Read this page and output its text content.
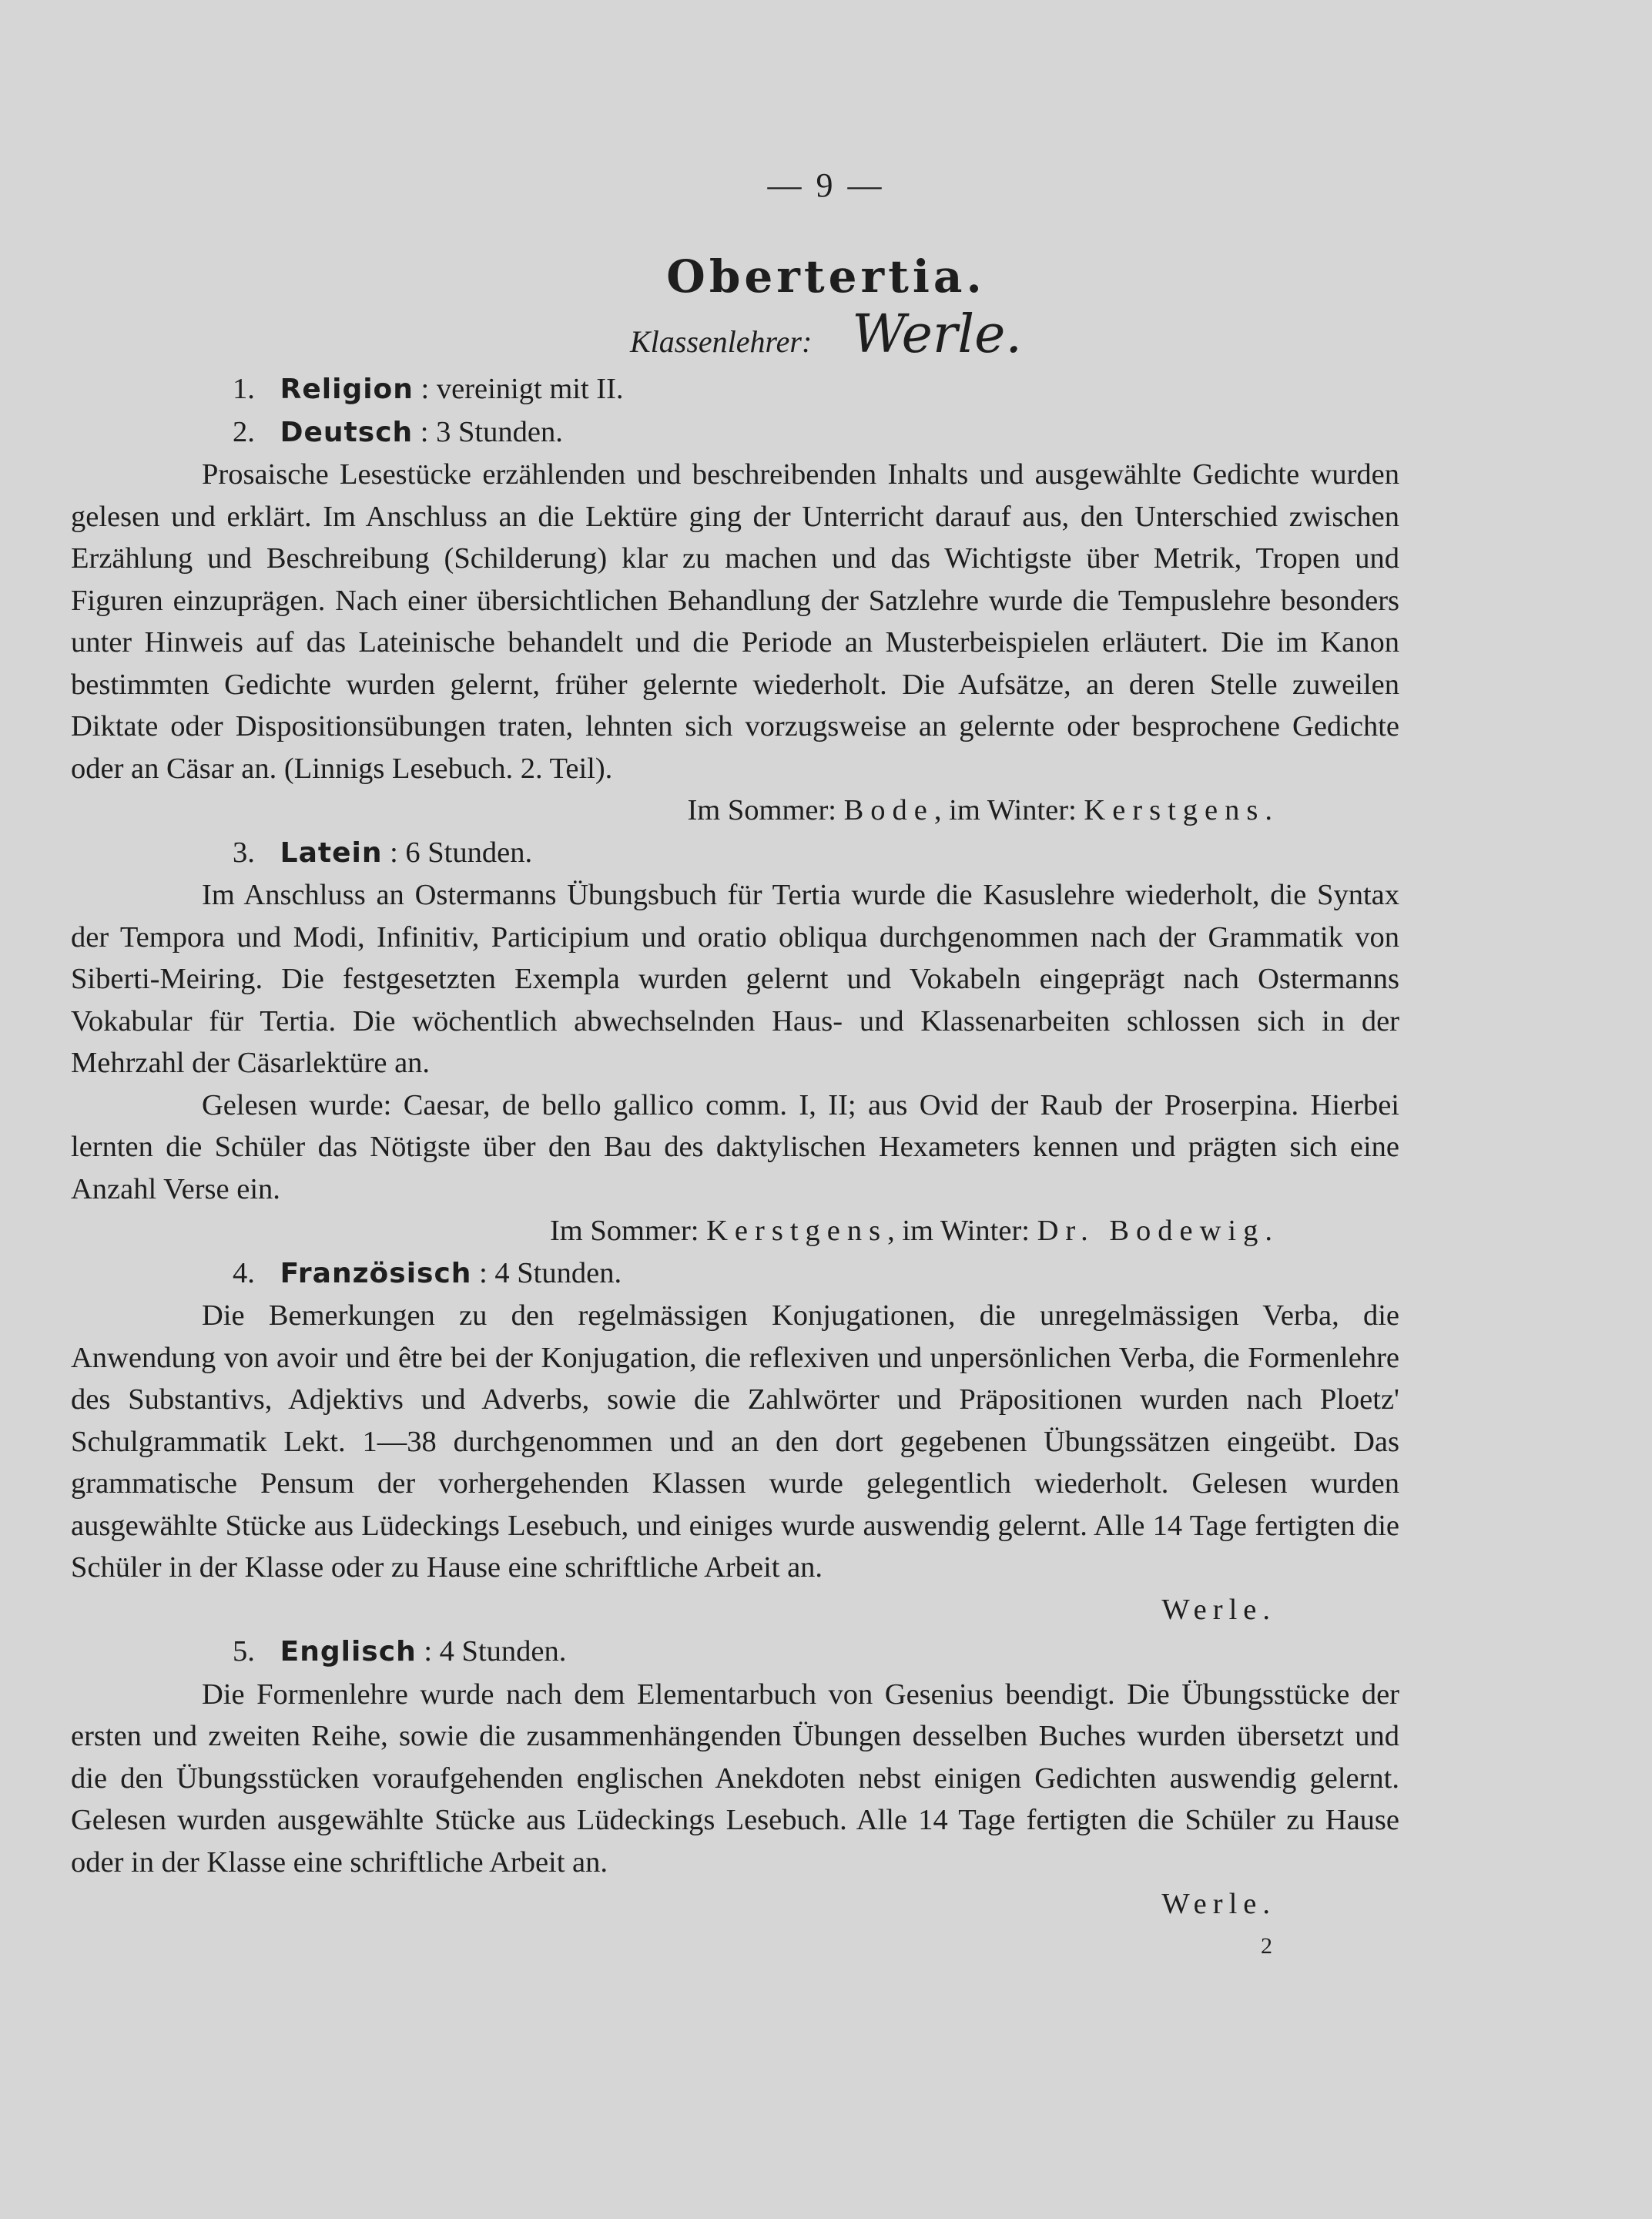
— 9 —
Obertertia.
Klassenlehrer: Werle.
1. Religion : vereinigt mit II.
2. Deutsch : 3 Stunden.
Prosaische Lesestücke erzählenden und beschreibenden Inhalts und ausgewählte Gedichte wurden gelesen und erklärt. Im Anschluss an die Lektüre ging der Unterricht darauf aus, den Unterschied zwischen Erzählung und Beschreibung (Schilderung) klar zu machen und das Wichtigste über Metrik, Tropen und Figuren einzuprägen. Nach einer übersichtlichen Behandlung der Satzlehre wurde die Tempuslehre besonders unter Hinweis auf das Lateinische behandelt und die Periode an Musterbeispielen erläutert. Die im Kanon bestimmten Gedichte wurden gelernt, früher gelernte wiederholt. Die Aufsätze, an deren Stelle zuweilen Diktate oder Dispositionsübungen traten, lehnten sich vorzugsweise an gelernte oder besprochene Gedichte oder an Cäsar an. (Linnigs Lesebuch. 2. Teil).
Im Sommer: Bode, im Winter: Kerstgens.
3. Latein : 6 Stunden.
Im Anschluss an Ostermanns Übungsbuch für Tertia wurde die Kasuslehre wiederholt, die Syntax der Tempora und Modi, Infinitiv, Participium und oratio obliqua durchgenommen nach der Grammatik von Siberti-Meiring. Die festgesetzten Exempla wurden gelernt und Vokabeln eingeprägt nach Ostermanns Vokabular für Tertia. Die wöchentlich abwechselnden Haus- und Klassenarbeiten schlossen sich in der Mehrzahl der Cäsarlektüre an.
Gelesen wurde: Caesar, de bello gallico comm. I, II; aus Ovid der Raub der Proserpina. Hierbei lernten die Schüler das Nötigste über den Bau des daktylischen Hexameters kennen und prägten sich eine Anzahl Verse ein.
Im Sommer: Kerstgens, im Winter: Dr. Bodewig.
4. Französisch : 4 Stunden.
Die Bemerkungen zu den regelmässigen Konjugationen, die unregelmässigen Verba, die Anwendung von avoir und être bei der Konjugation, die reflexiven und unpersönlichen Verba, die Formenlehre des Substantivs, Adjektivs und Adverbs, sowie die Zahlwörter und Präpositionen wurden nach Ploetz' Schulgrammatik Lekt. 1—38 durchgenommen und an den dort gegebenen Übungssätzen eingeübt. Das grammatische Pensum der vorhergehenden Klassen wurde gelegentlich wiederholt. Gelesen wurden ausgewählte Stücke aus Lüdeckings Lesebuch, und einiges wurde auswendig gelernt. Alle 14 Tage fertigten die Schüler in der Klasse oder zu Hause eine schriftliche Arbeit an.
Werle.
5. Englisch : 4 Stunden.
Die Formenlehre wurde nach dem Elementarbuch von Gesenius beendigt. Die Übungsstücke der ersten und zweiten Reihe, sowie die zusammenhängenden Übungen desselben Buches wurden übersetzt und die den Übungsstücken voraufgehenden englischen Anekdoten nebst einigen Gedichten auswendig gelernt. Gelesen wurden ausgewählte Stücke aus Lüdeckings Lesebuch. Alle 14 Tage fertigten die Schüler zu Hause oder in der Klasse eine schriftliche Arbeit an.
Werle.
2
